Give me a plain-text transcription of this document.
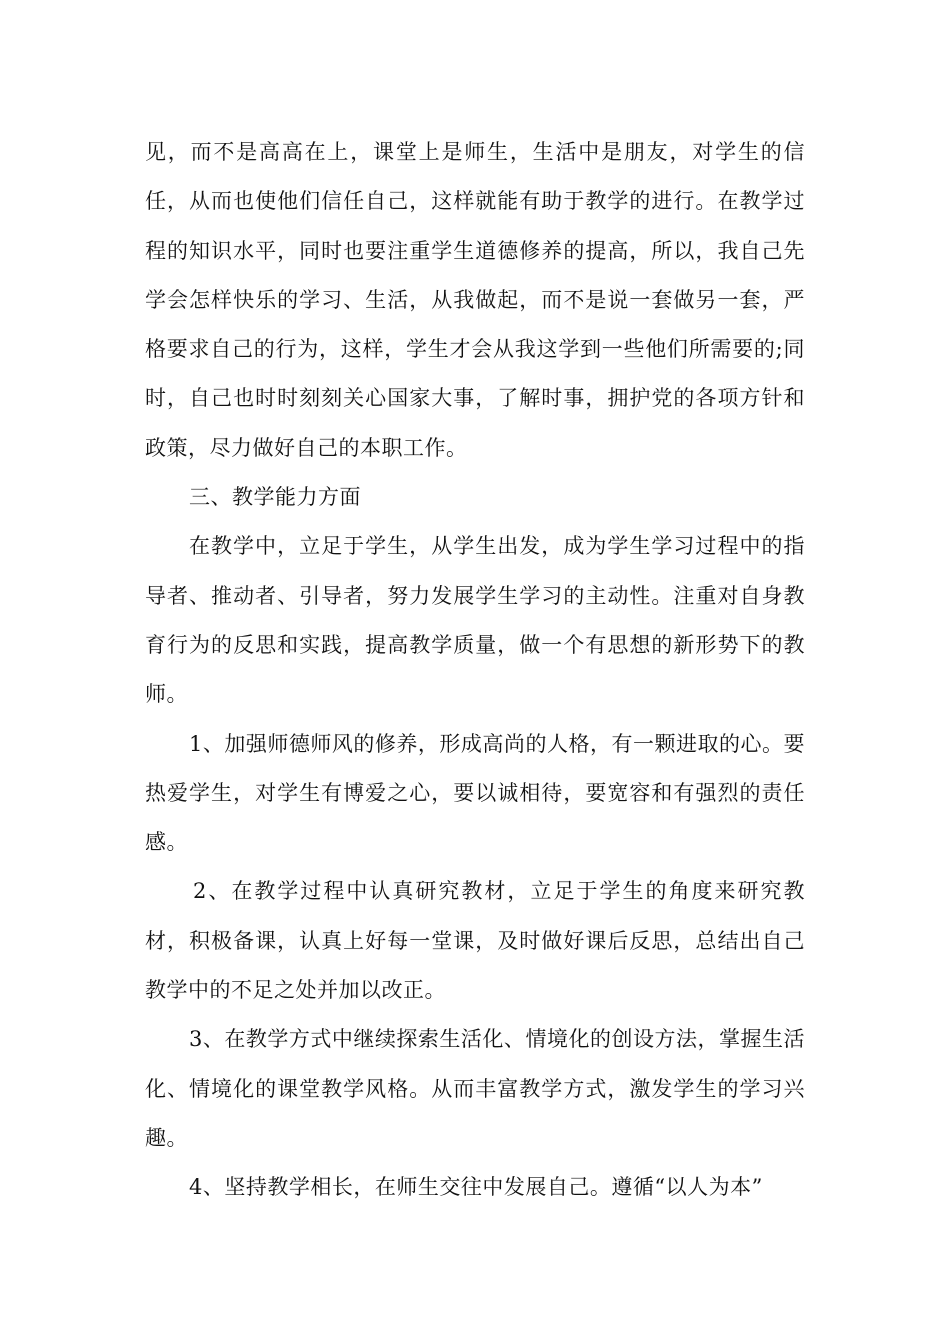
见，而不是高高在上，课堂上是师生，生活中是朋友，对学生的信任，从而也使他们信任自己，这样就能有助于教学的进行。在教学过程的知识水平，同时也要注重学生道德修养的提高，所以，我自己先学会怎样快乐的学习、生活，从我做起，而不是说一套做另一套，严格要求自己的行为，这样，学生才会从我这学到一些他们所需要的;同时，自己也时时刻刻关心国家大事，了解时事，拥护党的各项方针和政策，尽力做好自己的本职工作。

三、教学能力方面

在教学中，立足于学生，从学生出发，成为学生学习过程中的指导者、推动者、引导者，努力发展学生学习的主动性。注重对自身教育行为的反思和实践，提高教学质量，做一个有思想的新形势下的教师。

1、加强师德师风的修养，形成高尚的人格，有一颗进取的心。要热爱学生，对学生有博爱之心，要以诚相待，要宽容和有强烈的责任感。

2、在教学过程中认真研究教材，立足于学生的角度来研究教材，积极备课，认真上好每一堂课，及时做好课后反思，总结出自己教学中的不足之处并加以改正。

3、在教学方式中继续探索生活化、情境化的创设方法，掌握生活化、情境化的课堂教学风格。从而丰富教学方式，激发学生的学习兴趣。

4、坚持教学相长，在师生交往中发展自己。遵循“以人为本”
